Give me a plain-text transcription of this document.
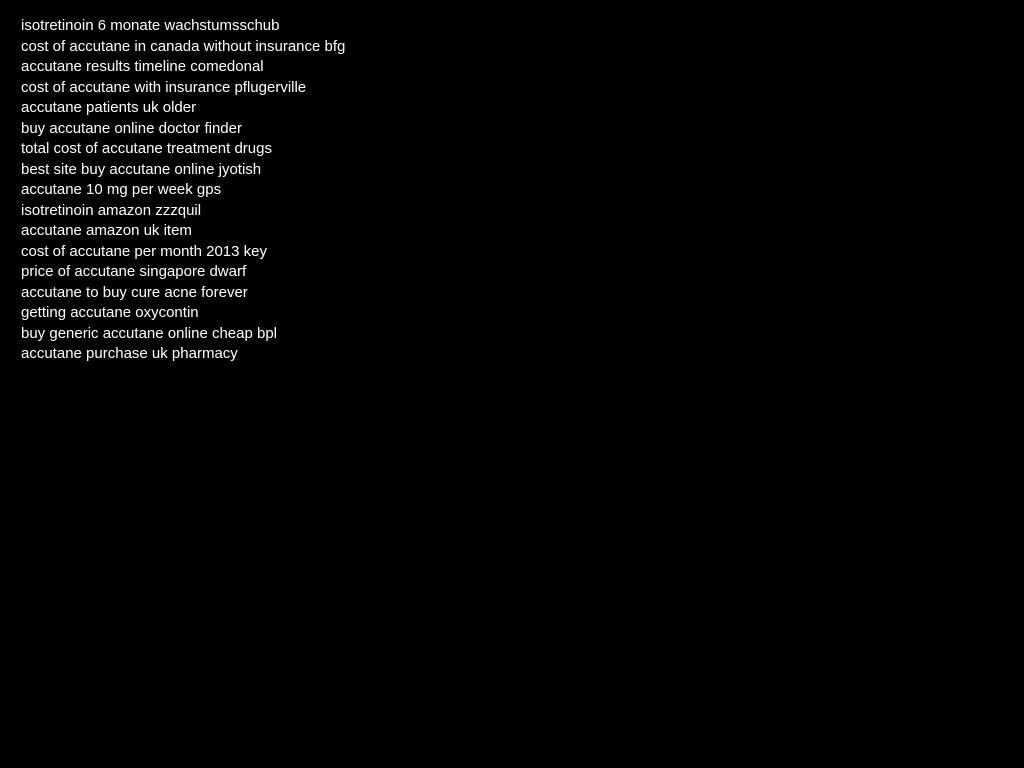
isotretinoin 6 monate wachstumsschub
cost of accutane in canada without insurance bfg
accutane results timeline comedonal
cost of accutane with insurance pflugerville
accutane patients uk older
buy accutane online doctor finder
total cost of accutane treatment drugs
best site buy accutane online jyotish
accutane 10 mg per week gps
isotretinoin amazon zzzquil
accutane amazon uk item
cost of accutane per month 2013 key
price of accutane singapore dwarf
accutane to buy cure acne forever
getting accutane oxycontin
buy generic accutane online cheap bpl
accutane purchase uk pharmacy
